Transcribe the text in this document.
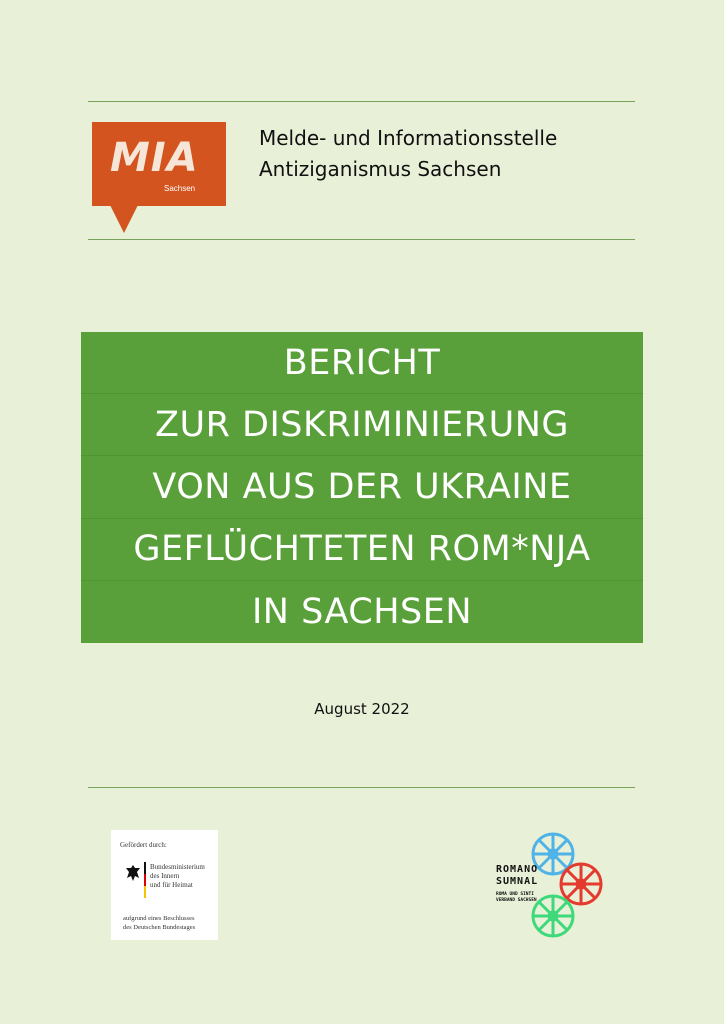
MIA
Sachsen
Melde- und Informationsstelle
Antiziganismus Sachsen
BERICHT
ZUR DISKRIMINIERUNG
VON AUS DER UKRAINE
GEFLÜCHTETEN ROM*NJA
IN SACHSEN
August 2022
Gefördert durch:
Bundesministerium
des Innern
und für Heimat
aufgrund eines Beschlusses
des Deutschen Bundestages
ROMANO
SUMNAL
ROMA UND SINTI
VERBAND SACHSEN
